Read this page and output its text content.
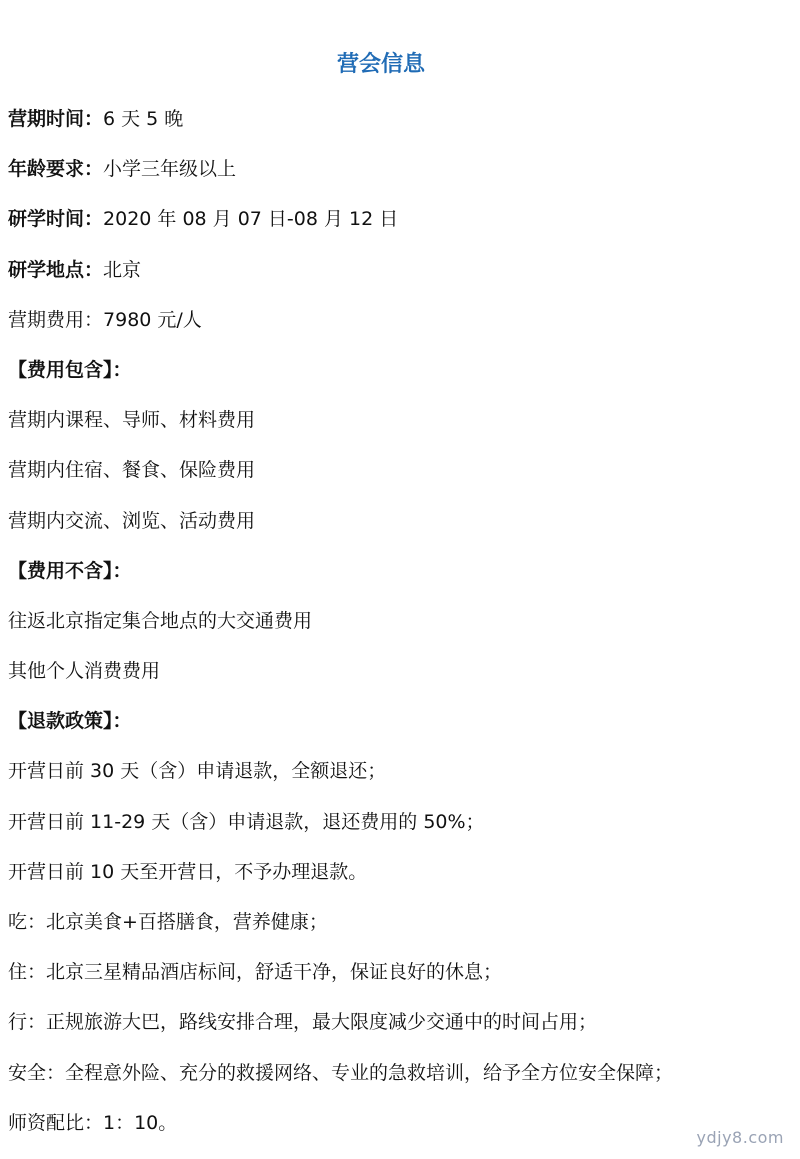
营会信息
营期时间：6 天 5 晚
年龄要求：小学三年级以上
研学时间：2020 年 08 月 07 日-08 月 12 日
研学地点：北京
营期费用：7980 元/人
【费用包含】：
营期内课程、导师、材料费用
营期内住宿、餐食、保险费用
营期内交流、浏览、活动费用
【费用不含】：
往返北京指定集合地点的大交通费用
其他个人消费费用
【退款政策】：
开营日前 30 天（含）申请退款，全额退还；
开营日前 11-29 天（含）申请退款，退还费用的 50%；
开营日前 10 天至开营日，不予办理退款。
吃：北京美食+百搭膳食，营养健康；
住：北京三星精品酒店标间，舒适干净，保证良好的休息；
行：正规旅游大巴，路线安排合理，最大限度减少交通中的时间占用；
安全：全程意外险、充分的救援网络、专业的急救培训，给予全方位安全保障；
师资配比：1：10。
ydjy8.com
